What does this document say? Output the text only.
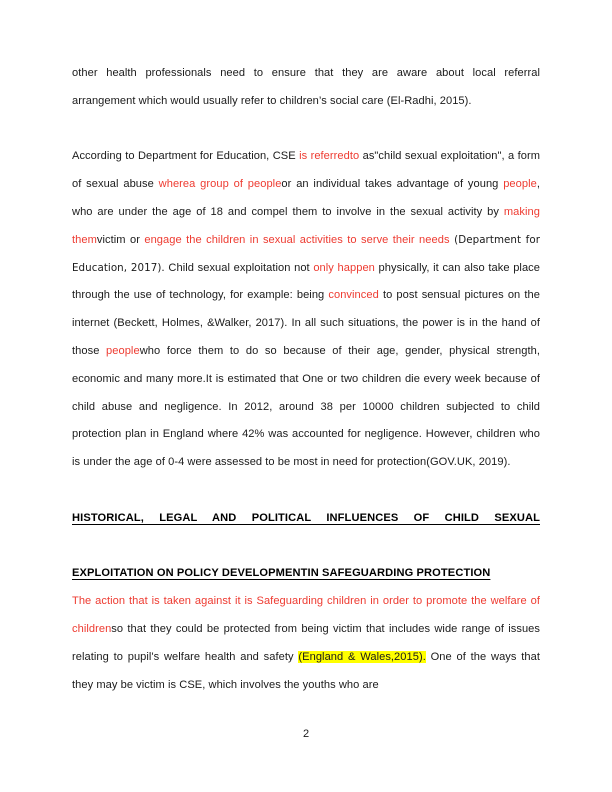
other health professionals need to ensure that they are aware about local referral arrangement which would usually refer to children’s social care (El-Radhi, 2015).

According to Department for Education, CSE is referredto as"child sexual exploitation", a form of sexual abuse wherea group of peopleor an individual takes advantage of young people, who are under the age of 18 and compel them to involve in the sexual activity by making themvictim or engage the children in sexual activities to serve their needs (Department for Education, 2017). Child sexual exploitation not only happen physically, it can also take place through the use of technology, for example: being convinced to post sensual pictures on the internet (Beckett, Holmes, &Walker, 2017). In all such situations, the power is in the hand of those peoplewho force them to do so because of their age, gender, physical strength, economic and many more.It is estimated that One or two children die every week because of child abuse and negligence. In 2012, around 38 per 10000 children subjected to child protection plan in England where 42% was accounted for negligence. However, children who is under the age of 0-4 were assessed to be most in need for protection(GOV.UK, 2019).

HISTORICAL, LEGAL AND POLITICAL INFLUENCES OF CHILD SEXUAL
EXPLOITATION ON POLICY DEVELOPMENTIN SAFEGUARDING PROTECTION

The action that is taken against it is Safeguarding children in order to promote the welfare of childrenso that they could be protected from being victim that includes wide range of issues relating to pupil's welfare health and safety (England & Wales,2015). One of the ways that they may be victim is CSE, which involves the youths who are

2
